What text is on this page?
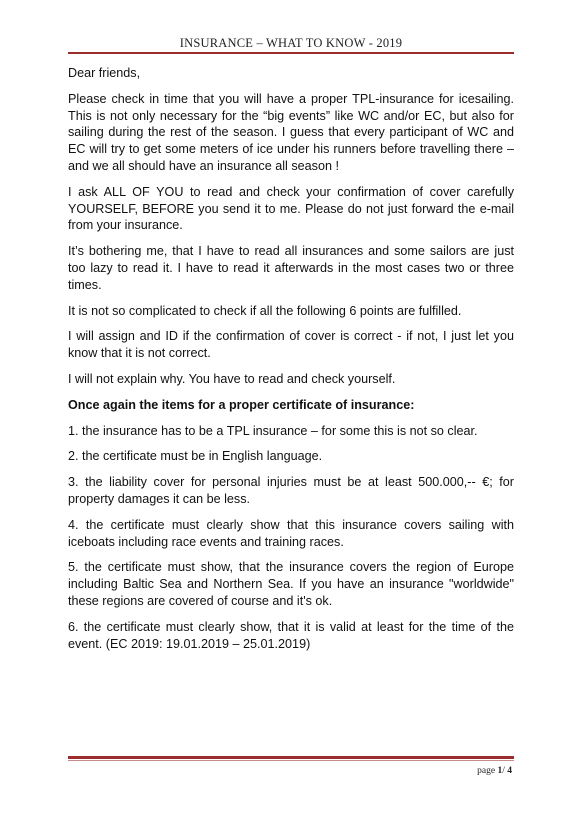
INSURANCE – WHAT TO KNOW - 2019

Dear friends,

Please check in time that you will have a proper TPL-insurance for icesailing. This is not only necessary for the “big events” like WC and/or EC, but also for sailing during the rest of the season. I guess that every participant of WC and EC will try to get some meters of ice under his runners before travelling there – and we all should have an insurance all season !

I ask ALL OF YOU to read and check your confirmation of cover carefully YOURSELF, BEFORE you send it to me. Please do not just forward the e-mail from your insurance.

It’s bothering me, that I have to read all insurances and some sailors are just too lazy to read it. I have to read it afterwards in the most cases two or three times.

It is not so complicated to check if all the following 6 points are fulfilled.

I will assign and ID if the confirmation of cover is correct - if not, I just let you know that it is not correct.

I will not explain why. You have to read and check yourself.

Once again the items for a proper certificate of insurance:

1. the insurance has to be a TPL insurance – for some this is not so clear.

2. the certificate must be in English language.

3. the liability cover for personal injuries must be at least 500.000,-- €; for property damages it can be less.

4. the certificate must clearly show that this insurance covers sailing with iceboats including race events and training races.

5. the certificate must show, that the insurance covers the region of Europe including Baltic Sea and Northern Sea. If you have an insurance "worldwide" these regions are covered of course and it's ok.

6. the certificate must clearly show, that it is valid at least for the time of the event. (EC 2019: 19.01.2019 – 25.01.2019)

page 1/ 4
